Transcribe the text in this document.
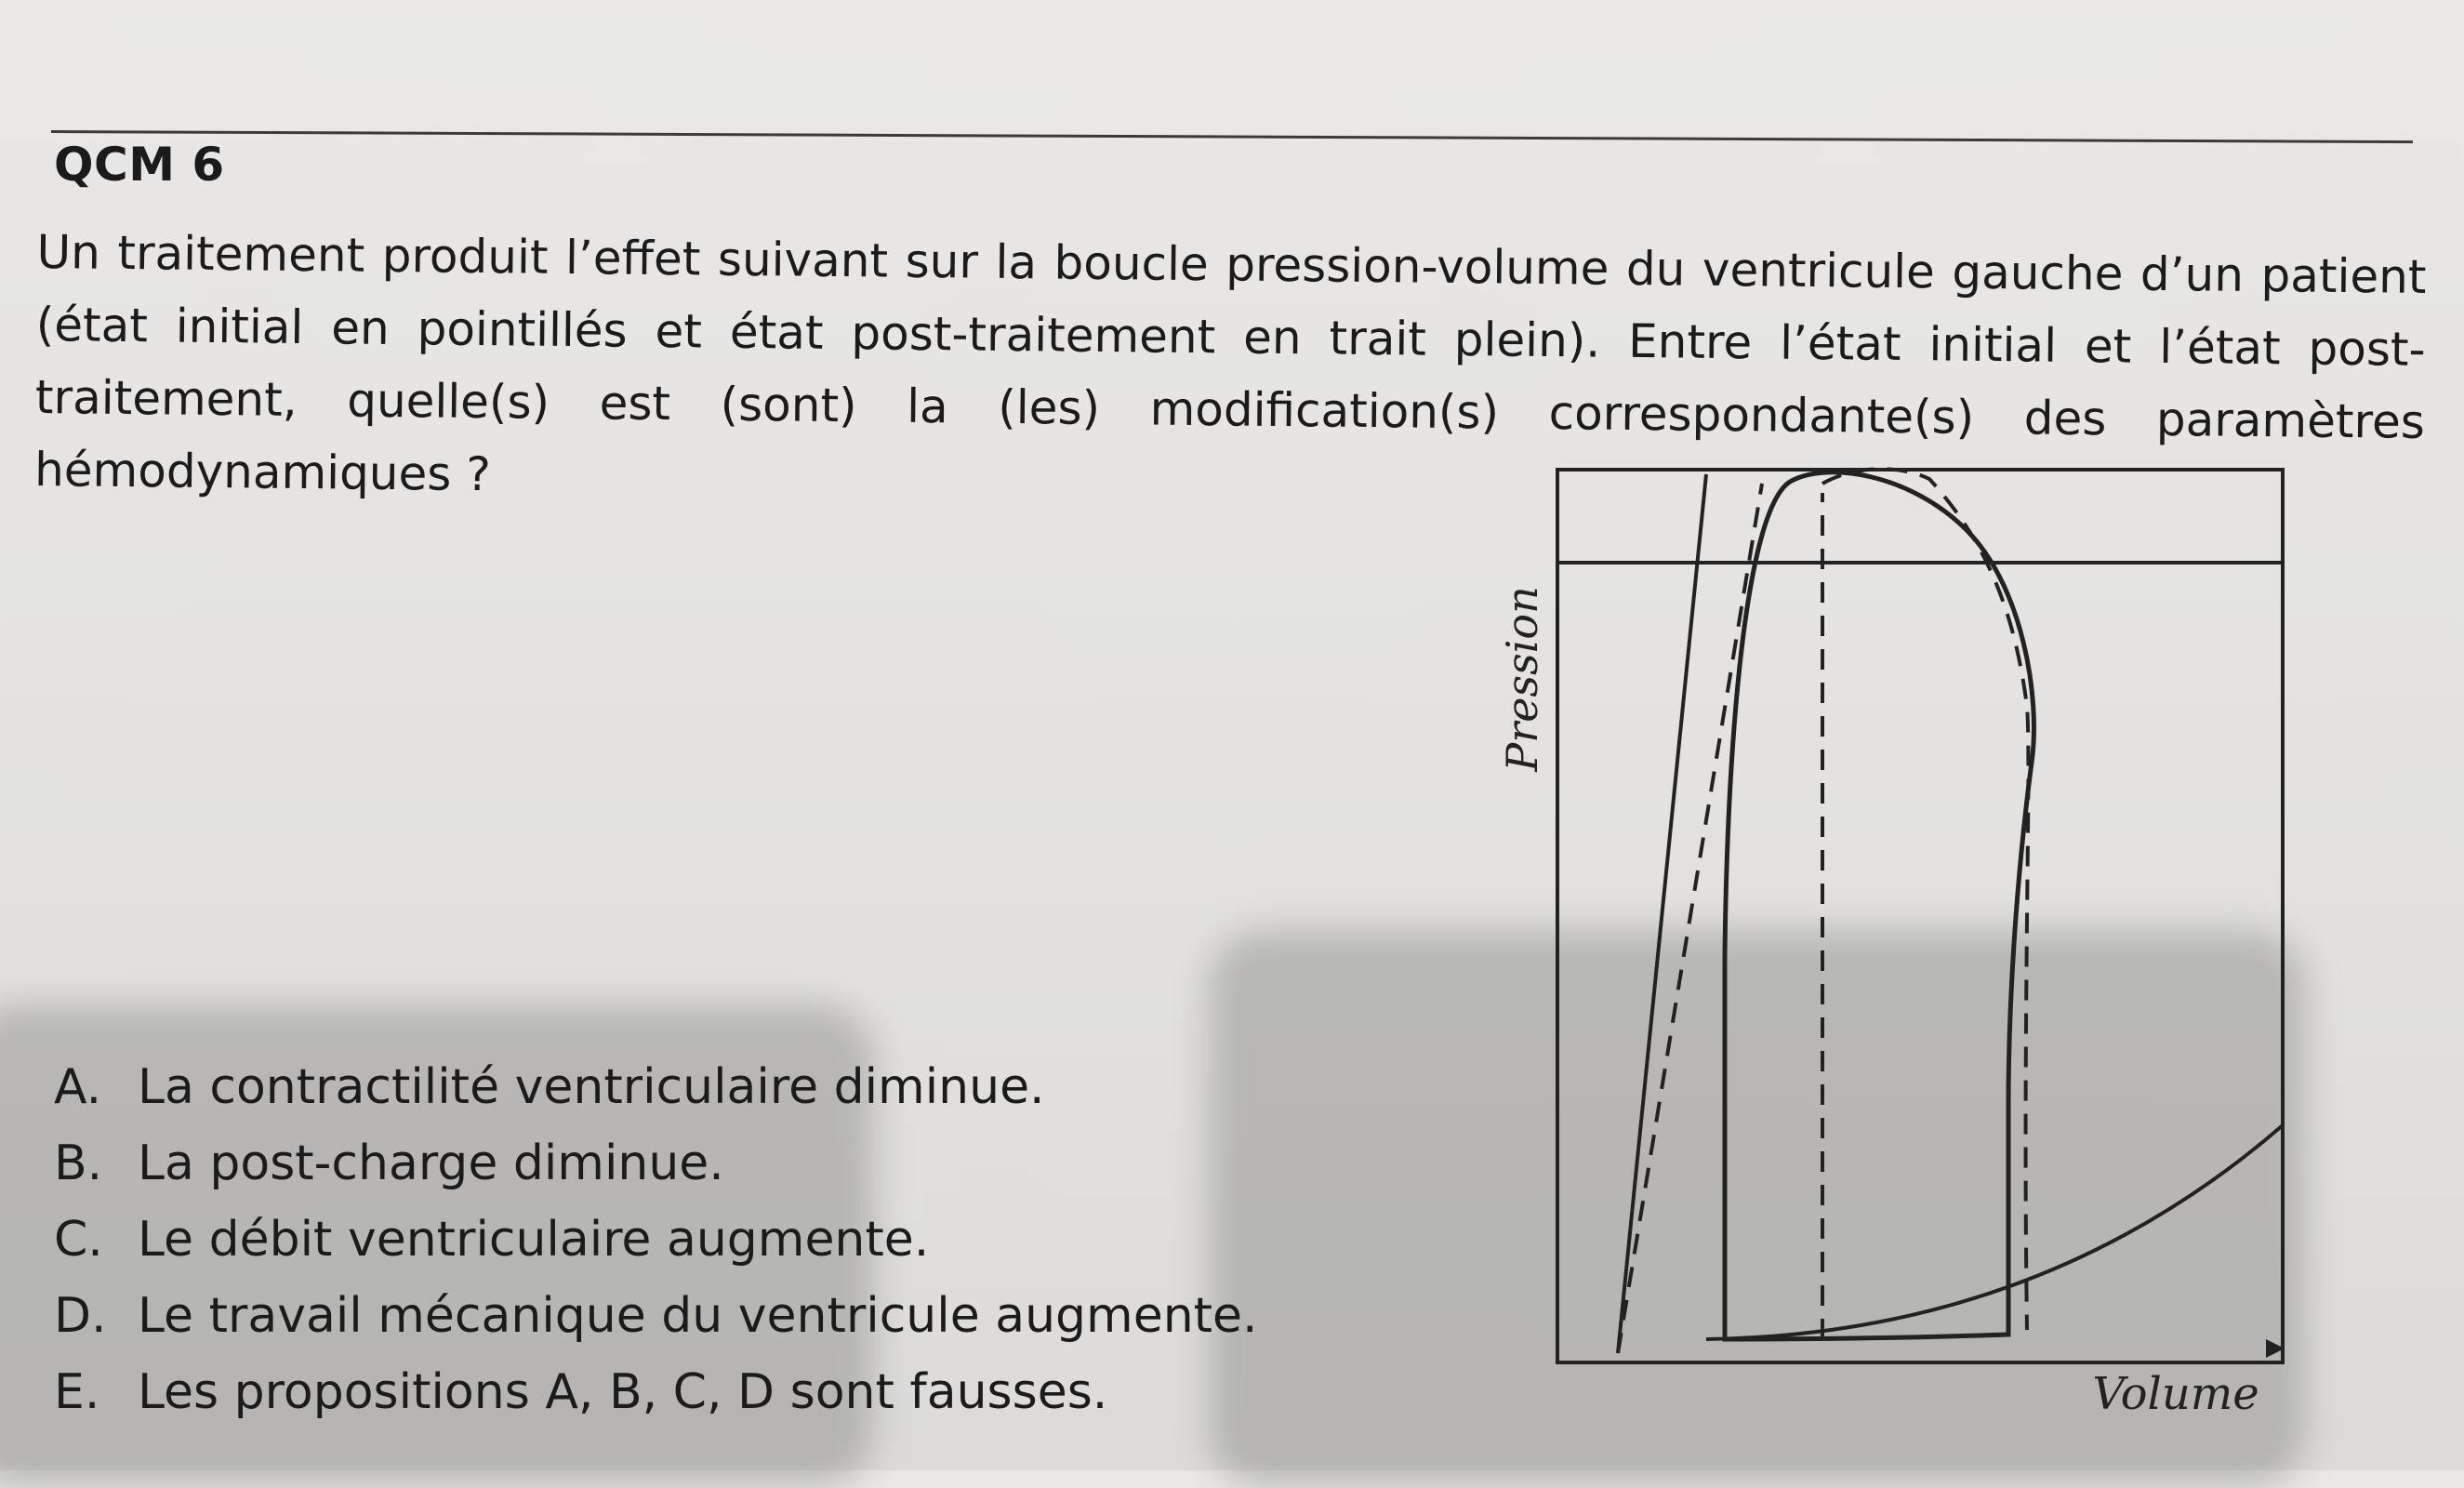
QCM 6
Un traitement produit l’effet suivant sur la boucle pression-volume du ventricule gauche d’un patient (état initial en pointillés et état post-traitement en trait plein). Entre l’état initial et l’état post-traitement, quelle(s) est (sont) la (les) modification(s) correspondante(s) des paramètres hémodynamiques ?
Pression
Volume
A. La contractilité ventriculaire diminue.
B. La post-charge diminue.
C. Le débit ventriculaire augmente.
D. Le travail mécanique du ventricule augmente.
E. Les propositions A, B, C, D sont fausses.
